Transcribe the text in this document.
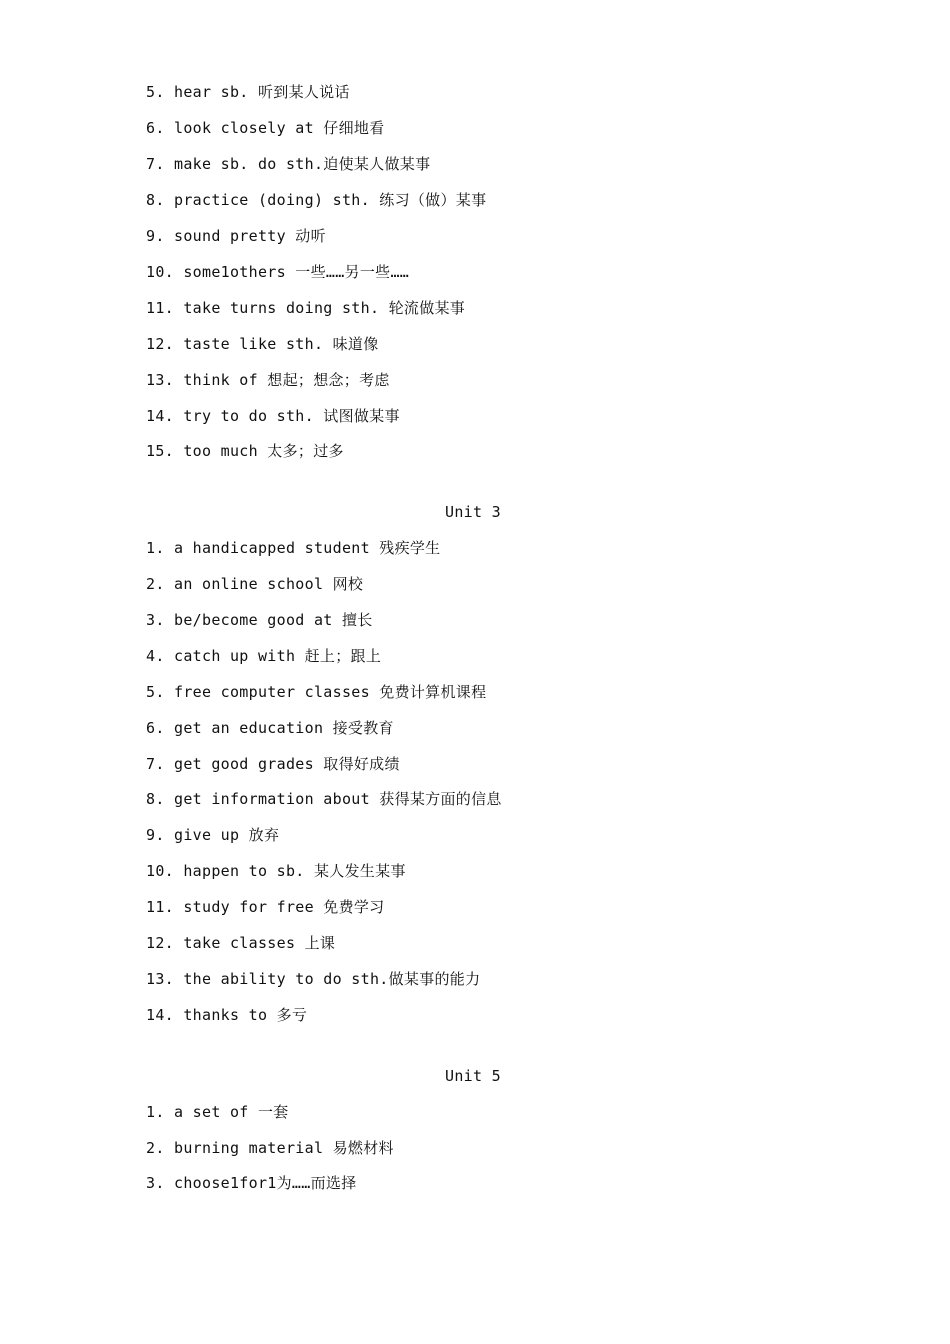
5. hear sb. 听到某人说话
6. look closely at 仔细地看
7. make sb. do sth.迫使某人做某事
8. practice (doing) sth. 练习（做）某事
9. sound pretty 动听
10. some1others 一些……另一些……
11. take turns doing sth. 轮流做某事
12. taste like sth. 味道像
13. think of 想起；想念；考虑
14. try to do sth. 试图做某事
15. too much 太多；过多
Unit 3
1. a handicapped student 残疾学生
2. an online school 网校
3. be/become good at 擅长
4. catch up with 赶上；跟上
5. free computer classes 免费计算机课程
6. get an education 接受教育
7. get good grades 取得好成绩
8. get information about 获得某方面的信息
9. give up 放弃
10. happen to sb. 某人发生某事
11. study for free 免费学习
12. take classes 上课
13. the ability to do sth.做某事的能力
14. thanks to 多亏
Unit 5
1. a set of 一套
2. burning material 易燃材料
3. choose1for1为……而选择
